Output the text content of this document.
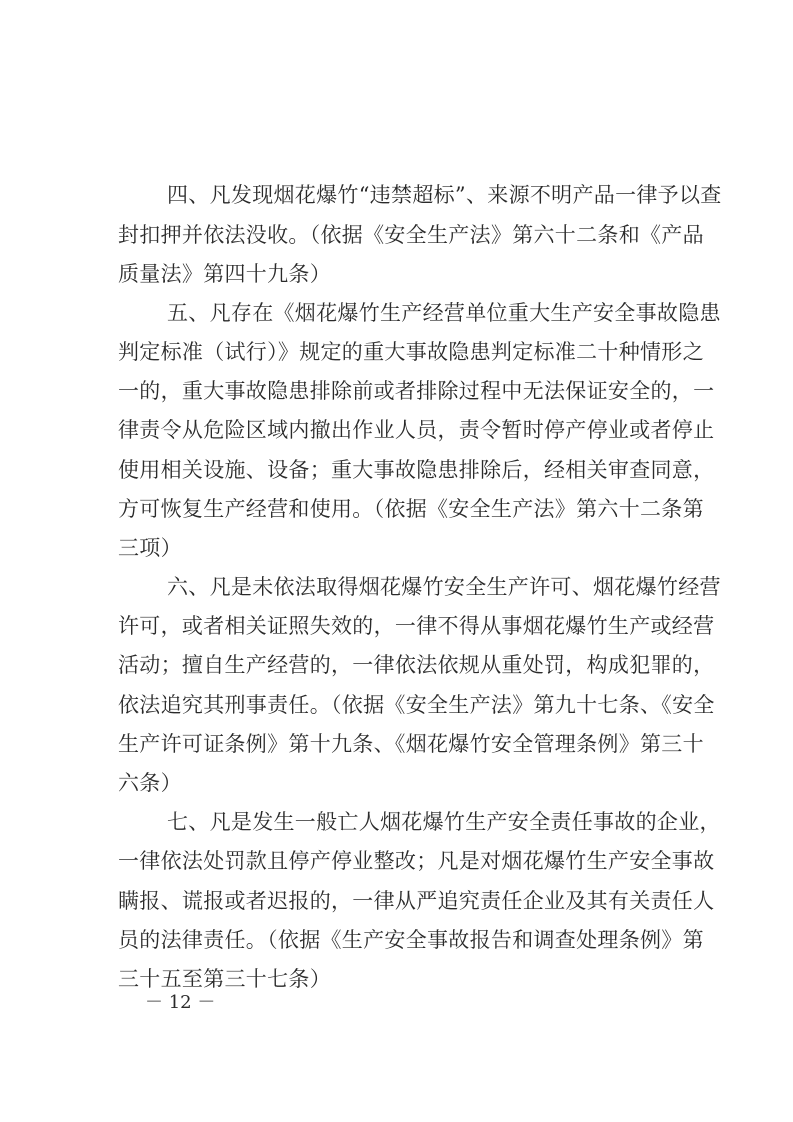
四、凡发现烟花爆竹“违禁超标”、来源不明产品一律予以查
封扣押并依法没收。（依据《安全生产法》第六十二条和《产品
质量法》第四十九条）
五、凡存在《烟花爆竹生产经营单位重大生产安全事故隐患
判定标准（试行）》规定的重大事故隐患判定标准二十种情形之
一的，重大事故隐患排除前或者排除过程中无法保证安全的，一
律责令从危险区域内撤出作业人员，责令暂时停产停业或者停止
使用相关设施、设备；重大事故隐患排除后，经相关审查同意，
方可恢复生产经营和使用。（依据《安全生产法》第六十二条第
三项）
六、凡是未依法取得烟花爆竹安全生产许可、烟花爆竹经营
许可，或者相关证照失效的，一律不得从事烟花爆竹生产或经营
活动；擅自生产经营的，一律依法依规从重处罚，构成犯罪的，
依法追究其刑事责任。（依据《安全生产法》第九十七条、《安全
生产许可证条例》第十九条、《烟花爆竹安全管理条例》第三十
六条）
七、凡是发生一般亡人烟花爆竹生产安全责任事故的企业，
一律依法处罚款且停产停业整改；凡是对烟花爆竹生产安全事故
瞒报、谎报或者迟报的，一律从严追究责任企业及其有关责任人
员的法律责任。（依据《生产安全事故报告和调查处理条例》第
三十五至第三十七条）
－ 12 －
